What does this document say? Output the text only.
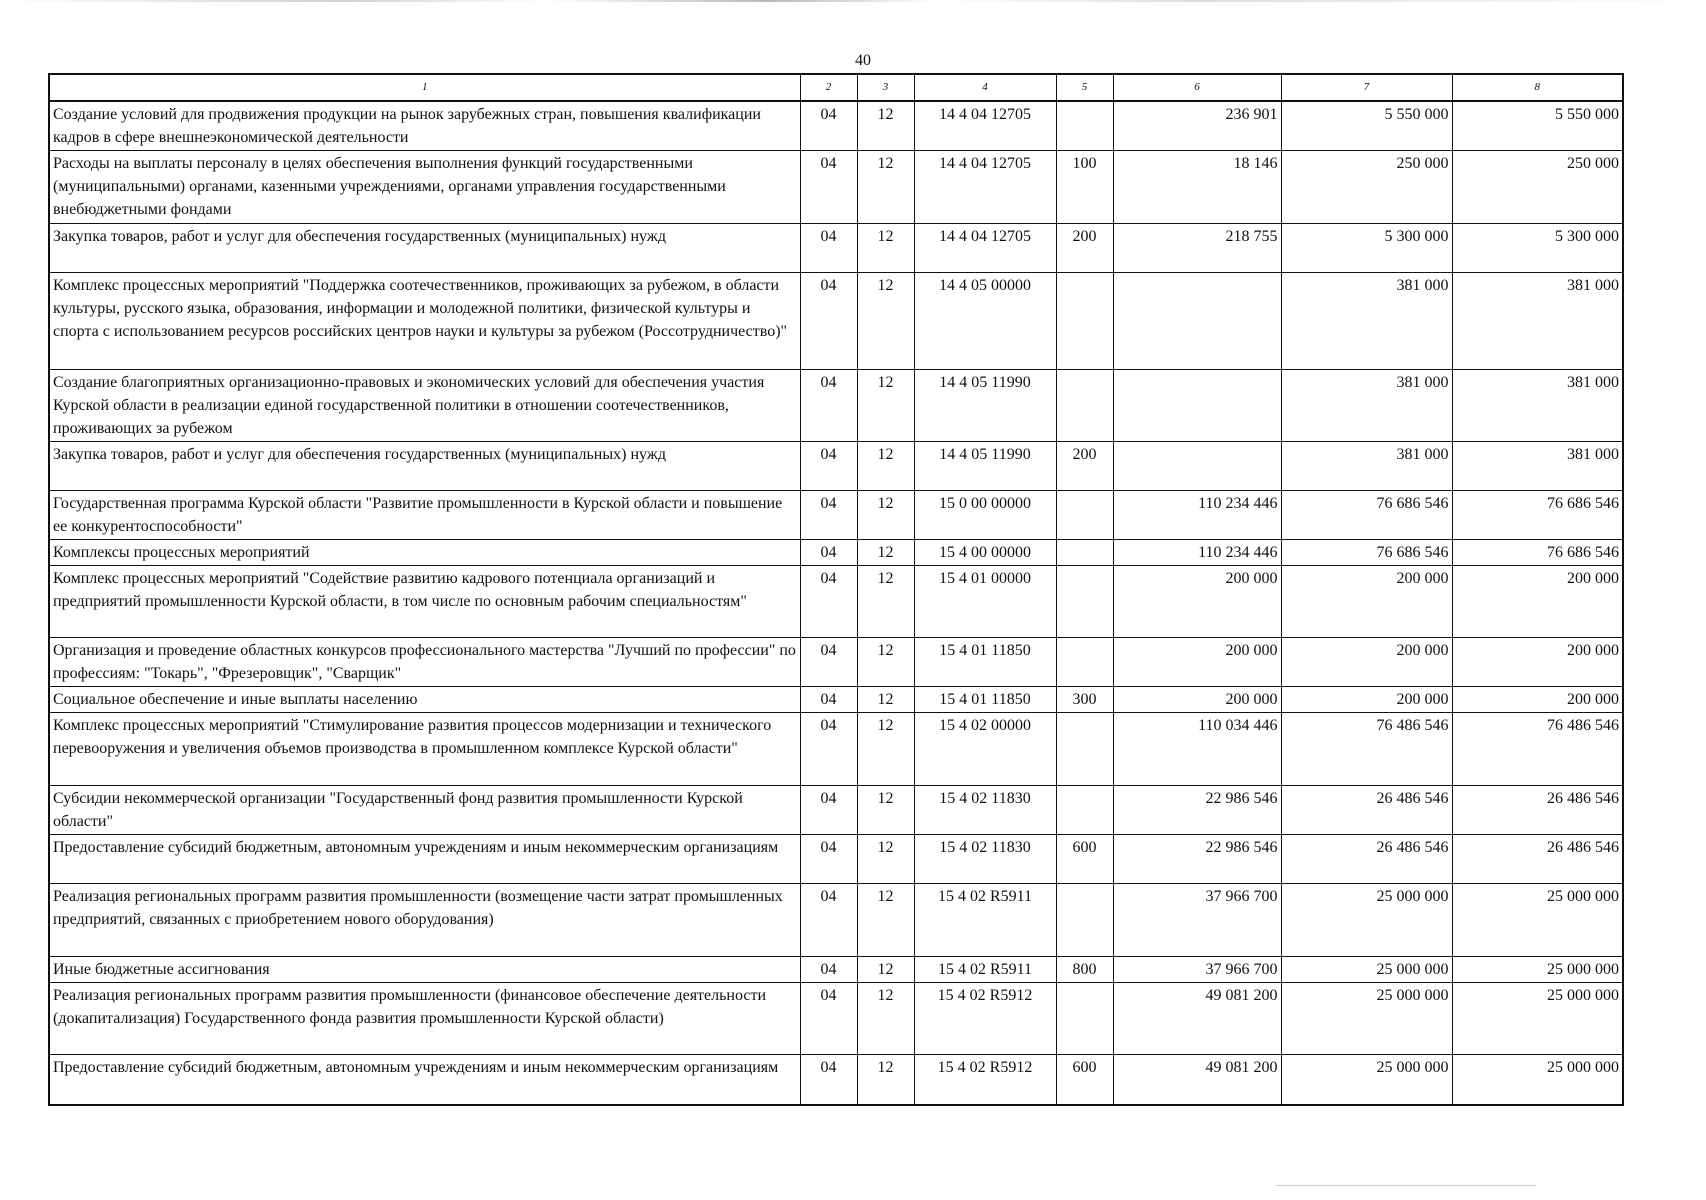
40
1	2	3	4	5	6	7	8
Создание условий для продвижения продукции на рынок зарубежных стран, повышения квалификации кадров в сфере внешнеэкономической деятельности	04	12	14 4 04 12705		236 901	5 550 000	5 550 000
Расходы на выплаты персоналу в целях обеспечения выполнения функций государственными (муниципальными) органами, казенными учреждениями, органами управления государственными внебюджетными фондами	04	12	14 4 04 12705	100	18 146	250 000	250 000
Закупка товаров, работ и услуг для обеспечения государственных (муниципальных) нужд	04	12	14 4 04 12705	200	218 755	5 300 000	5 300 000
Комплекс процессных мероприятий "Поддержка соотечественников, проживающих за рубежом, в области культуры, русского языка, образования, информации и молодежной политики, физической культуры и спорта с использованием ресурсов российских центров науки и культуры за рубежом (Россотрудничество)"	04	12	14 4 05 00000			381 000	381 000
Создание благоприятных организационно-правовых и экономических условий для обеспечения участия Курской области в реализации единой государственной политики в отношении соотечественников, проживающих за рубежом	04	12	14 4 05 11990			381 000	381 000
Закупка товаров, работ и услуг для обеспечения государственных (муниципальных) нужд	04	12	14 4 05 11990	200		381 000	381 000
Государственная программа Курской области "Развитие промышленности в Курской области и повышение ее конкурентоспособности"	04	12	15 0 00 00000		110 234 446	76 686 546	76 686 546
Комплексы процессных мероприятий	04	12	15 4 00 00000		110 234 446	76 686 546	76 686 546
Комплекс процессных мероприятий "Содействие развитию кадрового потенциала организаций и предприятий промышленности Курской области, в том числе по основным рабочим специальностям"	04	12	15 4 01 00000		200 000	200 000	200 000
Организация и проведение областных конкурсов профессионального мастерства "Лучший по профессии" по профессиям: "Токарь", "Фрезеровщик", "Сварщик"	04	12	15 4 01 11850		200 000	200 000	200 000
Социальное обеспечение и иные выплаты населению	04	12	15 4 01 11850	300	200 000	200 000	200 000
Комплекс процессных мероприятий "Стимулирование развития процессов модернизации и технического перевооружения и увеличения объемов производства в промышленном комплексе Курской области"	04	12	15 4 02 00000		110 034 446	76 486 546	76 486 546
Субсидии некоммерческой организации "Государственный фонд развития промышленности Курской области"	04	12	15 4 02 11830		22 986 546	26 486 546	26 486 546
Предоставление субсидий бюджетным, автономным учреждениям и иным некоммерческим организациям	04	12	15 4 02 11830	600	22 986 546	26 486 546	26 486 546
Реализация региональных программ развития промышленности (возмещение части затрат промышленных предприятий, связанных с приобретением нового оборудования)	04	12	15 4 02 R5911		37 966 700	25 000 000	25 000 000
Иные бюджетные ассигнования	04	12	15 4 02 R5911	800	37 966 700	25 000 000	25 000 000
Реализация региональных программ развития промышленности (финансовое обеспечение деятельности (докапитализация) Государственного фонда развития промышленности Курской области)	04	12	15 4 02 R5912		49 081 200	25 000 000	25 000 000
Предоставление субсидий бюджетным, автономным учреждениям и иным некоммерческим организациям	04	12	15 4 02 R5912	600	49 081 200	25 000 000	25 000 000
